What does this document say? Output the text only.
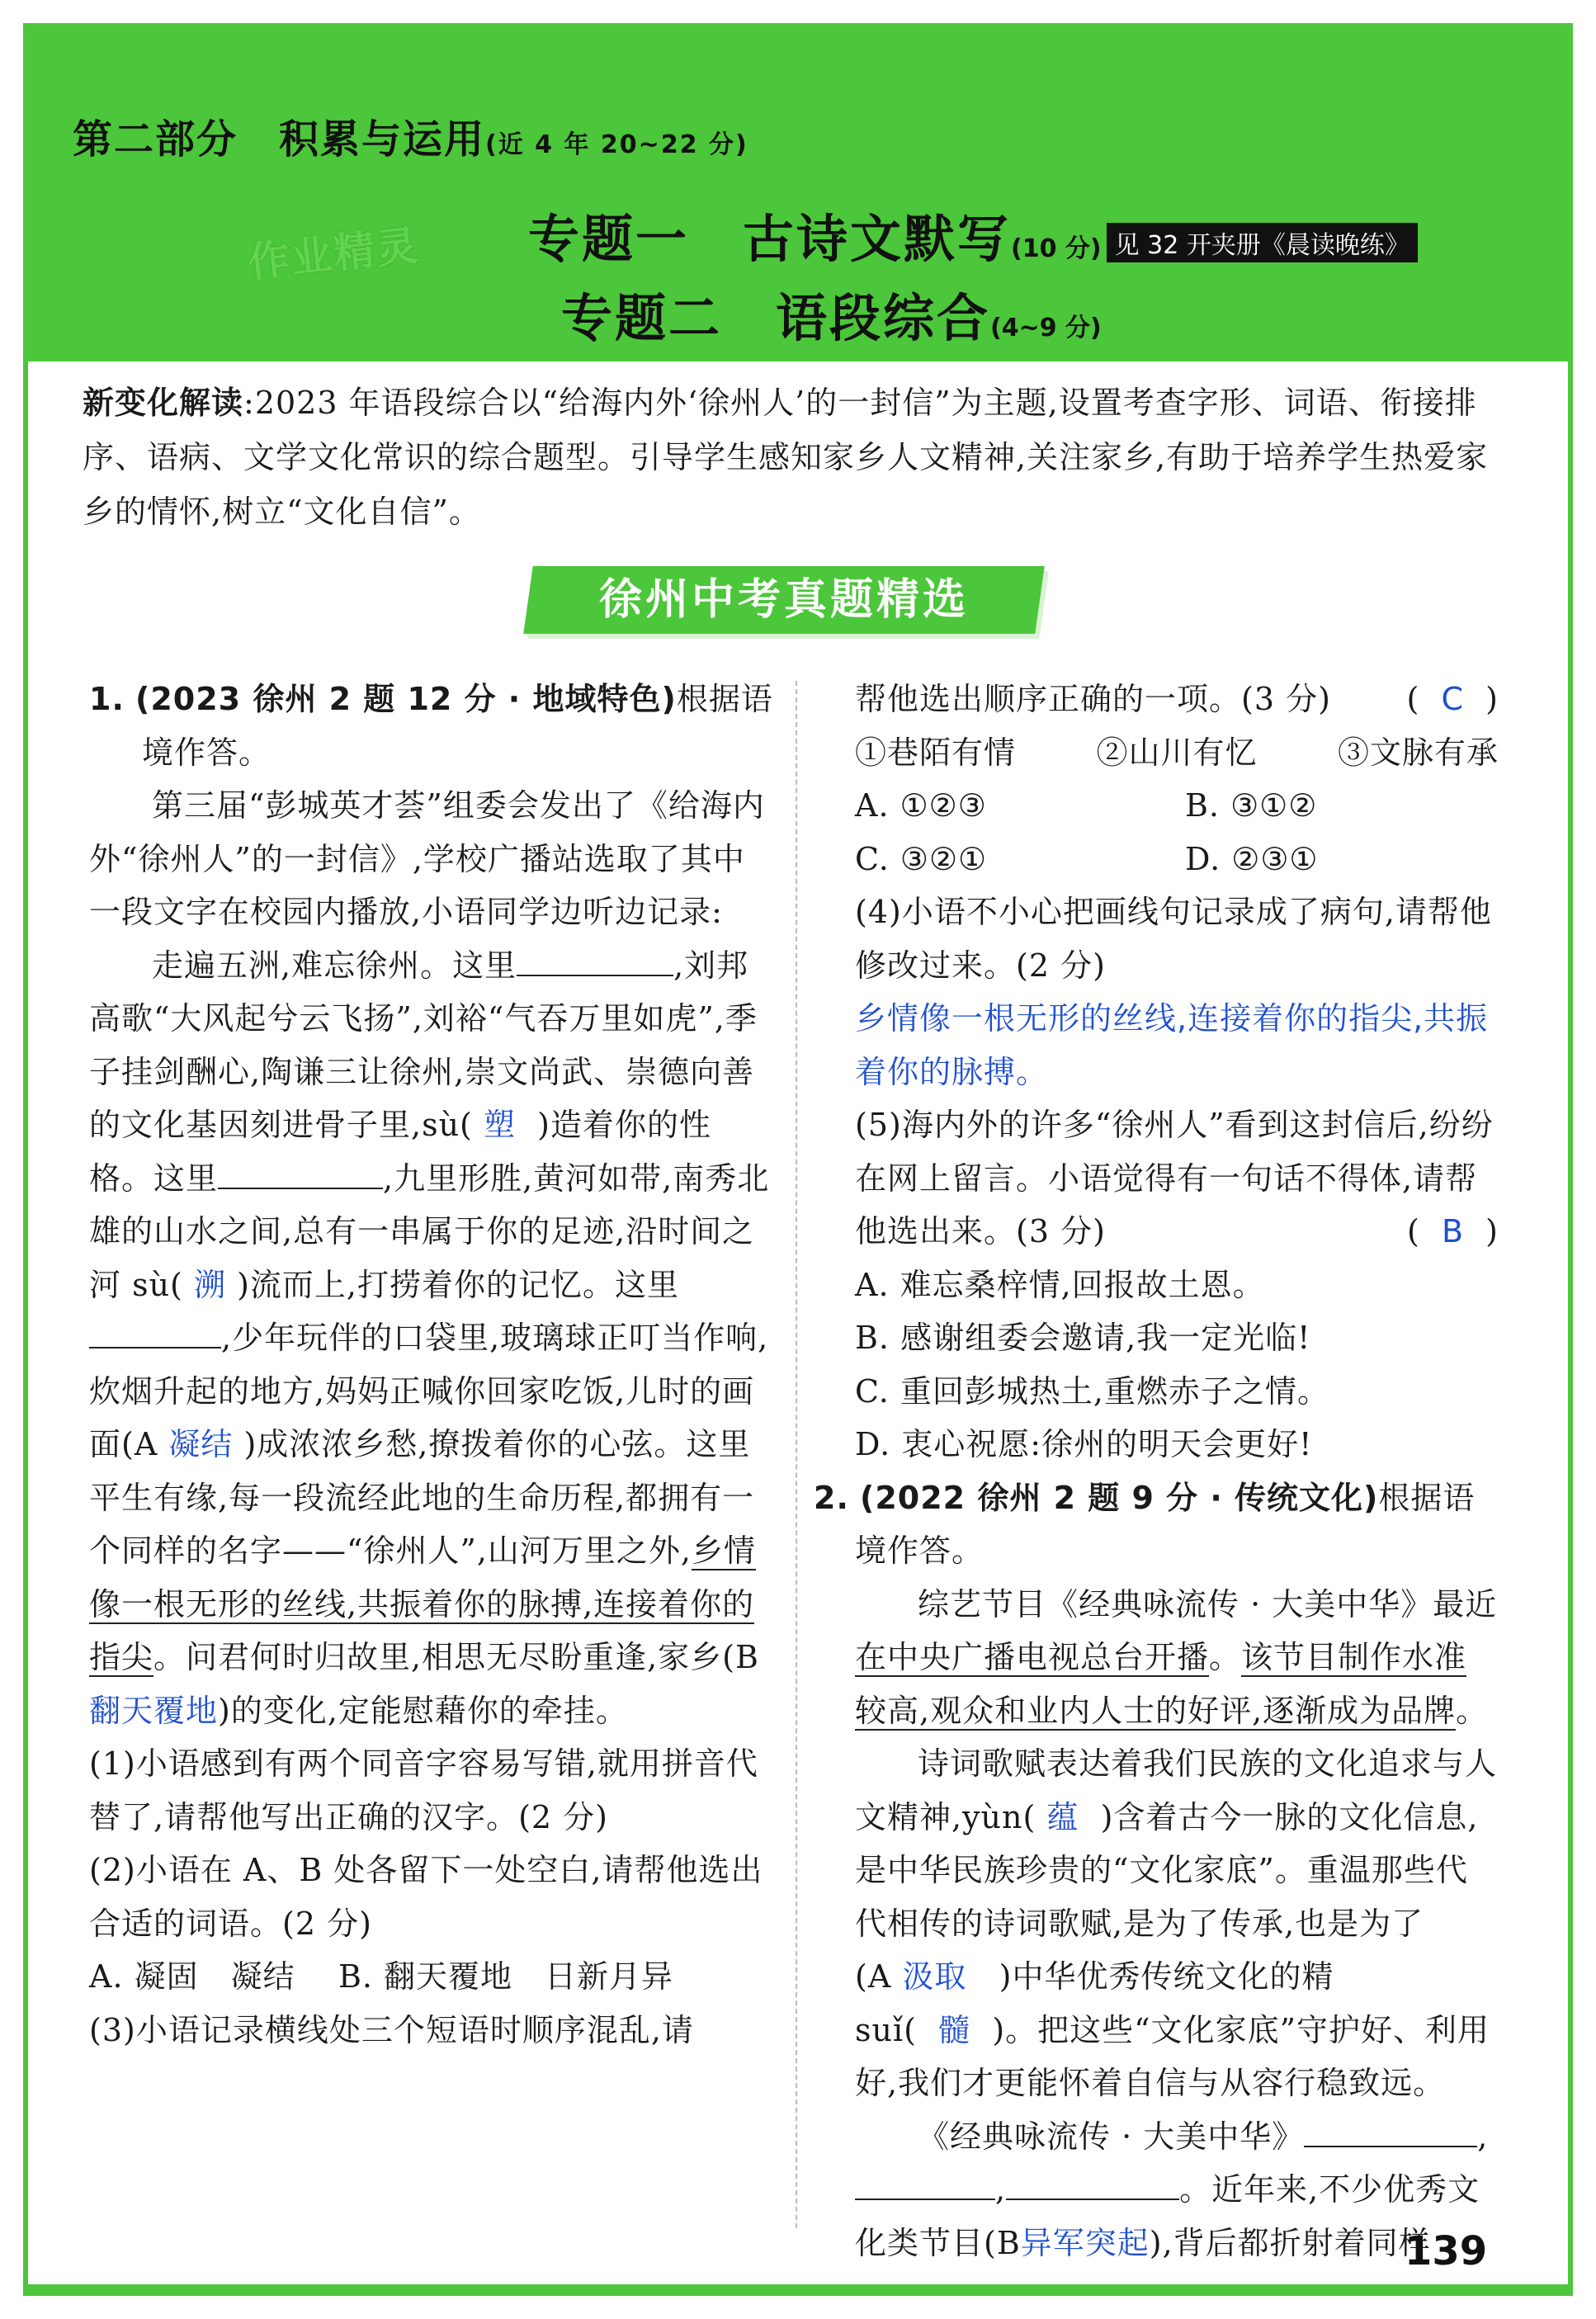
作业精灵
第二部分　积累与运用(近 4 年 20~22 分)
专题一　古诗文默写(10 分) 见 32 开夹册《晨读晚练》
专题二　语段综合(4~9 分)
新变化解读:2023 年语段综合以“给海内外‘徐州人’的一封信”为主题,设置考查字形、词语、衔接排序、语病、文学文化常识的综合题型。引导学生感知家乡人文精神,关注家乡,有助于培养学生热爱家乡的情怀,树立“文化自信”。
徐州中考真题精选

1. (2023 徐州 2 题 12 分 · 地域特色)根据语境作答。

第三届“彭城英才荟”组委会发出了《给海内外“徐州人”的一封信》,学校广播站选取了其中一段文字在校园内播放,小语同学边听边记录:

走遍五洲,难忘徐州。这里	,刘邦高歌“大风起兮云飞扬”,刘裕“气吞万里如虎”,季子挂剑酬心,陶谦三让徐州,崇文尚武、崇德向善的文化基因刻进骨子里,sù( 塑 )造着你的性格。这里	,九里形胜,黄河如带,南秀北雄的山水之间,总有一串属于你的足迹,沿时间之河 sù( 溯 )流而上,打捞着你的记忆。这里,少年玩伴的口袋里,玻璃球正叮当作响,炊烟升起的地方,妈妈正喊你回家吃饭,儿时的画面(A 凝结 )成浓浓乡愁,撩拨着你的心弦。这里平生有缘,每一段流经此地的生命历程,都拥有一个同样的名字——“徐州人”,山河万里之外,乡情像一根无形的丝线,共振着你的脉搏,连接着你的指尖。问君何时归故里,相思无尽盼重逢,家乡(B翻天覆地)的变化,定能慰藉你的牵挂。

(1)小语感到有两个同音字容易写错,就用拼音代替了,请帮他写出正确的汉字。(2 分)

(2)小语在 A、B 处各留下一处空白,请帮他选出合适的词语。(2 分)

A. 凝固　凝结 B. 翻天覆地　日新月异

(3)小语记录横线处三个短语时顺序混乱,请

帮他选出顺序正确的一项。(3 分) (  C  )

①巷陌有情	②山川有忆	③文脉有承

A. ①②③	B. ③①②

C. ③②①	D. ②③①

(4)小语不小心把画线句记录成了病句,请帮他修改过来。(2 分)

乡情像一根无形的丝线,连接着你的指尖,共振着你的脉搏。

(5)海内外的许多“徐州人”看到这封信后,纷纷在网上留言。小语觉得有一句话不得体,请帮他选出来。(3 分)	(  B  )

A. 难忘桑梓情,回报故土恩。

B. 感谢组委会邀请,我一定光临!

C. 重回彭城热土,重燃赤子之情。

D. 衷心祝愿:徐州的明天会更好!

2. (2022 徐州 2 题 9 分 · 传统文化)根据语境作答。

综艺节目《经典咏流传 · 大美中华》最近在中央广播电视总台开播。该节目制作水准较高,观众和业内人士的好评,逐渐成为品牌。

诗词歌赋表达着我们民族的文化追求与人文精神,yùn( 蕴 )含着古今一脉的文化信息,是中华民族珍贵的“文化家底”。重温那些代代相传的诗词歌赋,是为了传承,也是为了(A 汲取 )中华优秀传统文化的精 suǐ( 髓 )。把这些“文化家底”守护好、利用好,我们才更能怀着自信与从容行稳致远。

《经典咏流传 · 大美中华》	,,	。近年来,不少优秀文化类节目(B异军突起),背后都折射着同样

139
